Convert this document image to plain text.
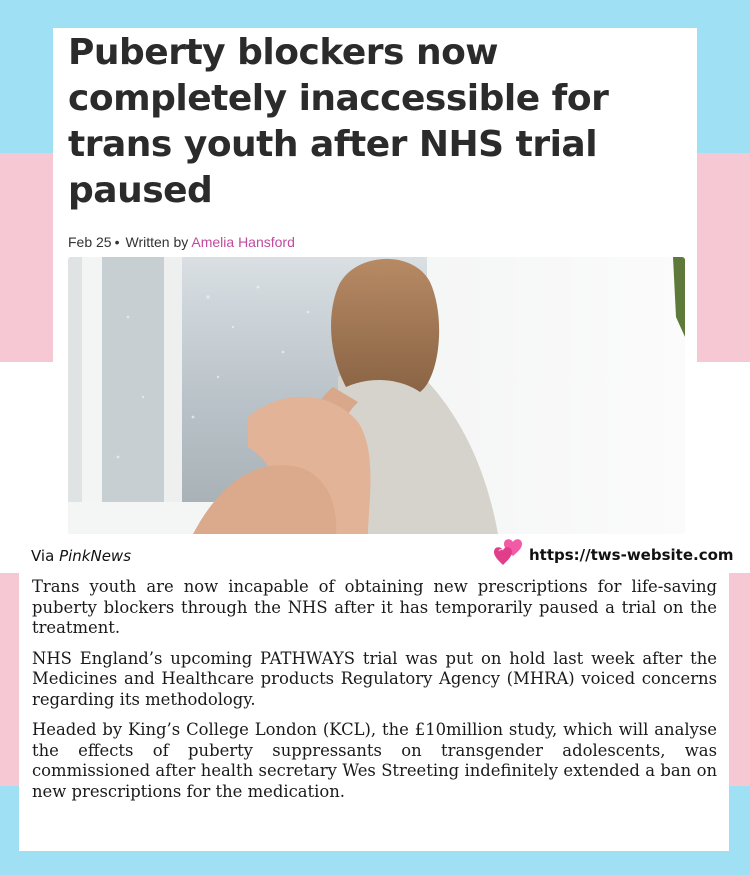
Puberty blockers now completely inaccessible for trans youth after NHS trial paused
Feb 25 • Written by Amelia Hansford
Via PinkNews	https://tws-website.com

Trans youth are now incapable of obtaining new prescriptions for life-saving puberty blockers through the NHS after it has temporarily paused a trial on the treatment.

NHS England’s upcoming PATHWAYS trial was put on hold last week after the Medicines and Healthcare products Regulatory Agency (MHRA) voiced concerns regarding its methodology.

Headed by King’s College London (KCL), the £10million study, which will analyse the effects of puberty suppressants on transgender adolescents, was commissioned after health secretary Wes Streeting indefinitely extended a ban on new prescriptions for the medication.
